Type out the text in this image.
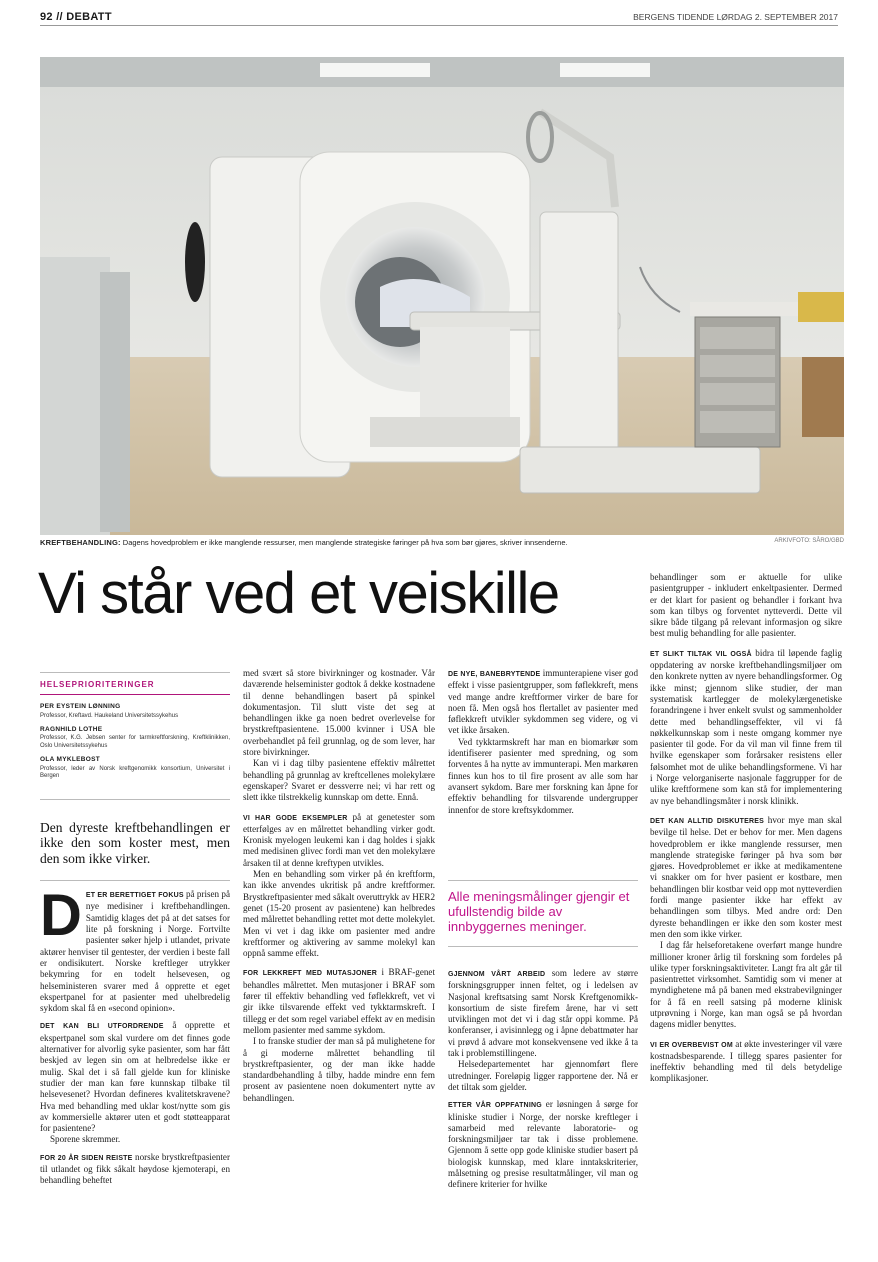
92 // DEBATT	BERGENS TIDENDE LØRDAG 2. SEPTEMBER 2017
KREFTBEHANDLING: Dagens hovedproblem er ikke manglende ressurser, men manglende strategiske føringer på hva som bør gjøres, skriver innsenderne.	ARKIVFOTO: SÅRO/GBD
Vi står ved et veiskille
HELSEPRIORITERINGER
PER EYSTEIN LØNNING
Professor, Kreftavd. Haukeland Universitetssykehus
RAGNHILD LOTHE
Professor, K.G. Jebsen senter for tarmkreftforskning, Kreftklinikken, Oslo Universitetssykehus
OLA MYKLEBOST
Professor, leder av Norsk kreftgenomikk konsortium, Universitet i Bergen
Den dyreste kreftbehandlingen er ikke den som koster mest, men den som ikke virker.

DET ER BERETTIGET FOKUS på prisen på nye medisiner i kreftbehandlingen. Samtidig klages det på at det satses for lite på forskning i Norge. Fortvilte pasienter søker hjelp i utlandet, private aktører henviser til gentester, der verdien i beste fall er ondisikutert. Norske kreftleger utrykker bekymring for en todelt helsevesen, og helseministeren svarer med å opprette et eget ekspertpanel for at pasienter med uhelbredelig sykdom skal få en «second opinion».

DET KAN BLI UTFORDRENDE å opprette et ekspertpanel som skal vurdere om det finnes gode alternativer for alvorlig syke pasienter, som har fått beskjed av legen sin om at helbredelse ikke er mulig. Skal det i så fall gjelde kun for kliniske studier der man kan føre kunnskap tilbake til helsevesenet? Hvordan defineres kvalitetskravene? Hva med behandling med uklar kost/nytte som gis av kommersielle aktører uten et godt støtteapparat for pasientene?

Sporene skremmer.

FOR 20 ÅR SIDEN REISTE norske brystkreftpasienter til utlandet og fikk såkalt høydose kjemoterapi, en behandling beheftet

med svært så store bivirkninger og kostnader. Vår daværende helseminister godtok å dekke kostnadene til denne behandlingen basert på spinkel dokumentasjon. Til slutt viste det seg at behandlingen ikke ga noen bedret overlevelse for brystkreftpasientene. 15.000 kvinner i USA ble overbehandlet på feil grunnlag, og de som lever, har store bivirkninger.

Kan vi i dag tilby pasientene effektiv målrettet behandling på grunnlag av kreftcellenes molekylære egenskaper? Svaret er dessverre nei; vi har rett og slett ikke tilstrekkelig kunnskap om dette. Ennå.

VI HAR GODE EKSEMPLER på at genetester som etterfølges av en målrettet behandling virker godt. Kronisk myelogen leukemi kan i dag holdes i sjakk med medisinen glivec fordi man vet den molekylære årsaken til at denne kreftypen utvikles.

Men en behandling som virker på én kreftform, kan ikke anvendes ukritisk på andre kreftformer. Brystkreftpasienter med såkalt overuttrykk av HER2 genet (15-20 prosent av pasientene) kan helbredes med målrettet behandling rettet mot dette molekylet. Men vi vet i dag ikke om pasienter med andre kreftformer og aktivering av samme molekyl kan oppnå samme effekt.

FOR LEKKREFT MED MUTASJONER i BRAF-genet behandles målrettet. Men mutasjoner i BRAF som fører til effektiv behandling ved føflekkreft, vet vi gir ikke tilsvarende effekt ved tykktarmskreft. I tillegg er det som regel variabel effekt av en medisin mellom pasienter med samme sykdom.

I to franske studier der man så på mulighetene for å gi moderne målrettet behandling til brystkreftpasienter, og der man ikke hadde standardbehandling å tilby, hadde mindre enn fem prosent av pasientene noen dokumentert nytte av behandlingen.

DE NYE, BANEBRYTENDE immunterapiene viser god effekt i visse pasientgrupper, som føflekkreft, mens ved mange andre kreftformer virker de bare for noen få. Men også hos flertallet av pasienter med føflekkreft utvikler sykdommen seg videre, og vi vet ikke årsaken.

Ved tykktarmskreft har man en biomarkør som identifiserer pasienter med spredning, og som forventes å ha nytte av immunterapi. Men markøren finnes kun hos to til fire prosent av alle som har avansert sykdom. Bare mer forskning kan åpne for effektiv behandling for tilsvarende undergrupper innenfor de store kreftsykdommer.

Alle meningsmålinger gjengir et ufullstendig bilde av innbyggernes meninger.

GJENNOM VÅRT ARBEID som ledere av større forskningsgrupper innen feltet, og i ledelsen av Nasjonal kreftsatsing samt Norsk Kreftgenomikk-konsortium de siste firefem årene, har vi sett utviklingen mot det vi i dag står oppi komme. På konferanser, i avisinnlegg og i åpne debattmøter har vi prøvd å advare mot konsekvensene ved ikke å ta tak i problemstillingene.

Helsedepartementet har gjennomført flere utredninger. Foreløpig ligger rapportene der. Nå er det tiltak som gjelder.

ETTER VÅR OPPFATNING er løsningen å sørge for kliniske studier i Norge, der norske kreftleger i samarbeid med relevante laboratorie- og forskningsmiljøer tar tak i disse problemene. Gjennom å sette opp gode kliniske studier basert på biologisk kunnskap, med klare inntakskriterier, målsetning og presise resultatmålinger, vil man og definere kriterier for hvilke

behandlinger som er aktuelle for ulike pasientgrupper - inkludert enkeltpasienter. Dermed er det klart for pasient og behandler i forkant hva som kan tilbys og forventet nytteverdi. Dette vil sikre både tilgang på relevant informasjon og sikre best mulig behandling for alle pasienter.

ET SLIKT TILTAK VIL OGSÅ bidra til løpende faglig oppdatering av norske kreftbehandlingsmiljøer om den konkrete nytten av nyere behandlingsformer. Og ikke minst; gjennom slike studier, der man systematisk kartlegger de molekylærgenetiske forandringene i hver enkelt svulst og sammenholder dette med behandlingseffekter, vil vi få nøkkelkunnskap som i neste omgang kommer nye pasienter til gode. For da vil man vil finne frem til hvilke egenskaper som forårsaker resistens eller følsomhet mot de ulike behandlingsformene. Vi har i Norge velorganiserte nasjonale faggrupper for de ulike kreftformene som kan stå for implementering av nye behandlingsmåter i norsk klinikk.

DET KAN ALLTID DISKUTERES hvor mye man skal bevilge til helse. Det er behov for mer. Men dagens hovedproblem er ikke manglende ressurser, men manglende strategiske føringer på hva som bør gjøres. Hovedproblemet er ikke at medikamentene vi snakker om for hver pasient er kostbare, men behandlingen blir kostbar veid opp mot nytteverdien fordi mange pasienter ikke har effekt av behandlingen som tilbys. Med andre ord: Den dyreste behandlingen er ikke den som koster mest men den som ikke virker.

I dag får helseforetakene overført mange hundre millioner kroner årlig til forskning som fordeles på ulike typer forskningsaktiviteter. Langt fra alt går til pasientrettet virksomhet. Samtidig som vi mener at myndighetene må på banen med ekstrabevilgninger for å få en reell satsing på moderne klinisk utprøvning i Norge, kan man også se på hvordan dagens midler benyttes.

VI ER OVERBEVIST OM at økte investeringer vil være kostnadsbesparende. I tillegg spares pasienter for ineffektiv behandling med til dels betydelige komplikasjoner.
